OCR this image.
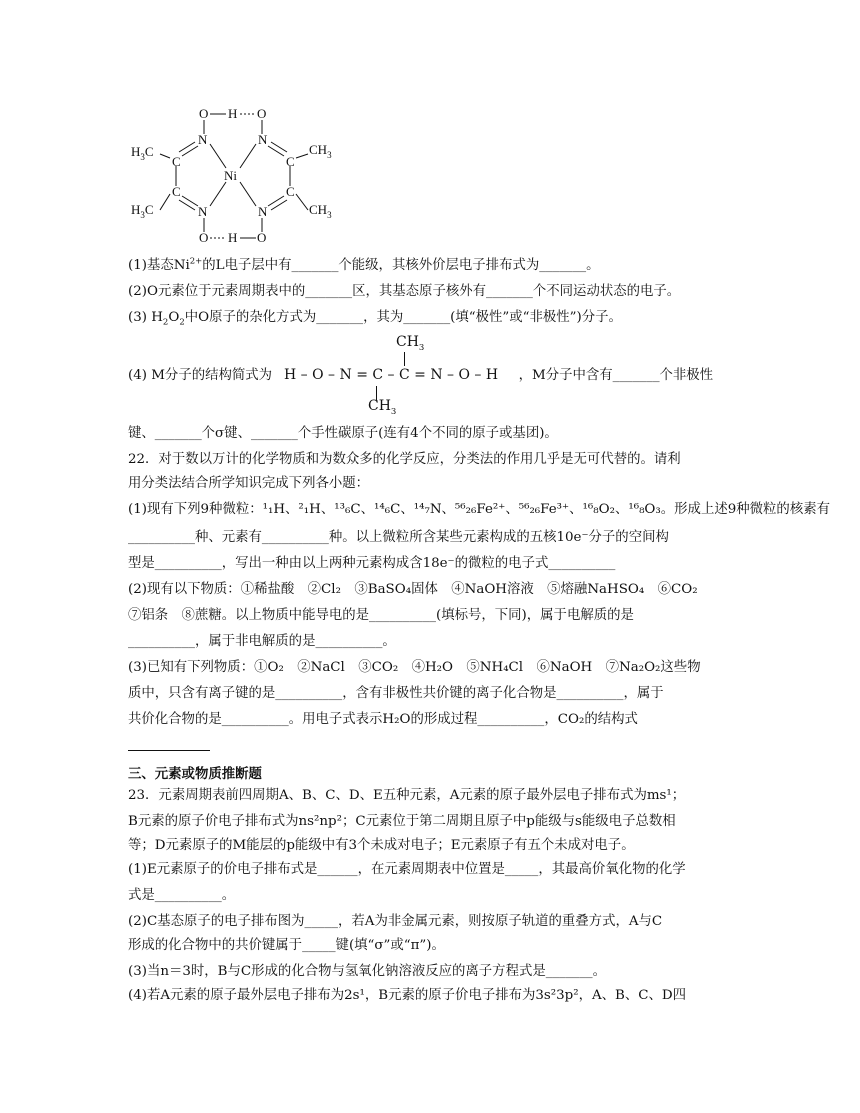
O H O
N	N
$H_3C$
C	C
$CH_3$
Ni
C	C
$H_3C$	$CH_3$
N	N
O H O
(1)基态$Ni^{2+}$的L电子层中有_______个能级，其核外价层电子排布式为_______。
(2)O元素位于元素周期表中的_______区，其基态原子核外有_______个不同运动状态的电子。
(3) $H_2O_2$中O原子的杂化方式为_______，其为_______(填“极性”或“非极性”)分子。
(4) M分子的结构简式为	，M分子中含有_______个非极性
$CH_3$
H – O – N = C – C = N – O – H
$CH_3$
键、_______个σ键、_______个手性碳原子(连有4个不同的原子或基团)。
22．对于数以万计的化学物质和为数众多的化学反应，分类法的作用几乎是无可代替的。请利
用分类法结合所学知识完成下列各小题：
(1)现有下列9种微粒：¹₁H、²₁H、¹³₆C、¹⁴₆C、¹⁴₇N、⁵⁶₂₆Fe²⁺、⁵⁶₂₆Fe³⁺、¹⁶₈O₂、¹⁶₈O₃。形成上述9种微粒的核素有
__________种、元素有__________种。以上微粒所含某些元素构成的五核10e⁻分子的空间构
型是__________，写出一种由以上两种元素构成含18e⁻的微粒的电子式__________
(2)现有以下物质：①稀盐酸　②Cl₂　③BaSO₄固体　④NaOH溶液　⑤熔融NaHSO₄　⑥CO₂
⑦铝条　⑧蔗糖。以上物质中能导电的是__________(填标号，下同)，属于电解质的是
__________，属于非电解质的是__________。
(3)已知有下列物质：①O₂　②NaCl　③CO₂　④H₂O　⑤NH₄Cl　⑥NaOH　⑦Na₂O₂这些物
质中，只含有离子键的是__________，含有非极性共价键的离子化合物是__________，属于
共价化合物的是__________。用电子式表示H₂O的形成过程__________，CO₂的结构式
三、元素或物质推断题
23．元素周期表前四周期A、B、C、D、E五种元素，A元素的原子最外层电子排布式为ms¹；
B元素的原子价电子排布式为ns²np²；C元素位于第二周期且原子中p能级与s能级电子总数相
等；D元素原子的M能层的p能级中有3个未成对电子；E元素原子有五个未成对电子。
(1)E元素原子的价电子排布式是______，在元素周期表中位置是_____，其最高价氧化物的化学
式是__________。
(2)C基态原子的电子排布图为_____，若A为非金属元素，则按原子轨道的重叠方式，A与C
形成的化合物中的共价键属于_____键(填“σ”或“π”)。
(3)当n＝3时，B与C形成的化合物与氢氧化钠溶液反应的离子方程式是_______。
(4)若A元素的原子最外层电子排布为2s¹，B元素的原子价电子排布为3s²3p²，A、B、C、D四
